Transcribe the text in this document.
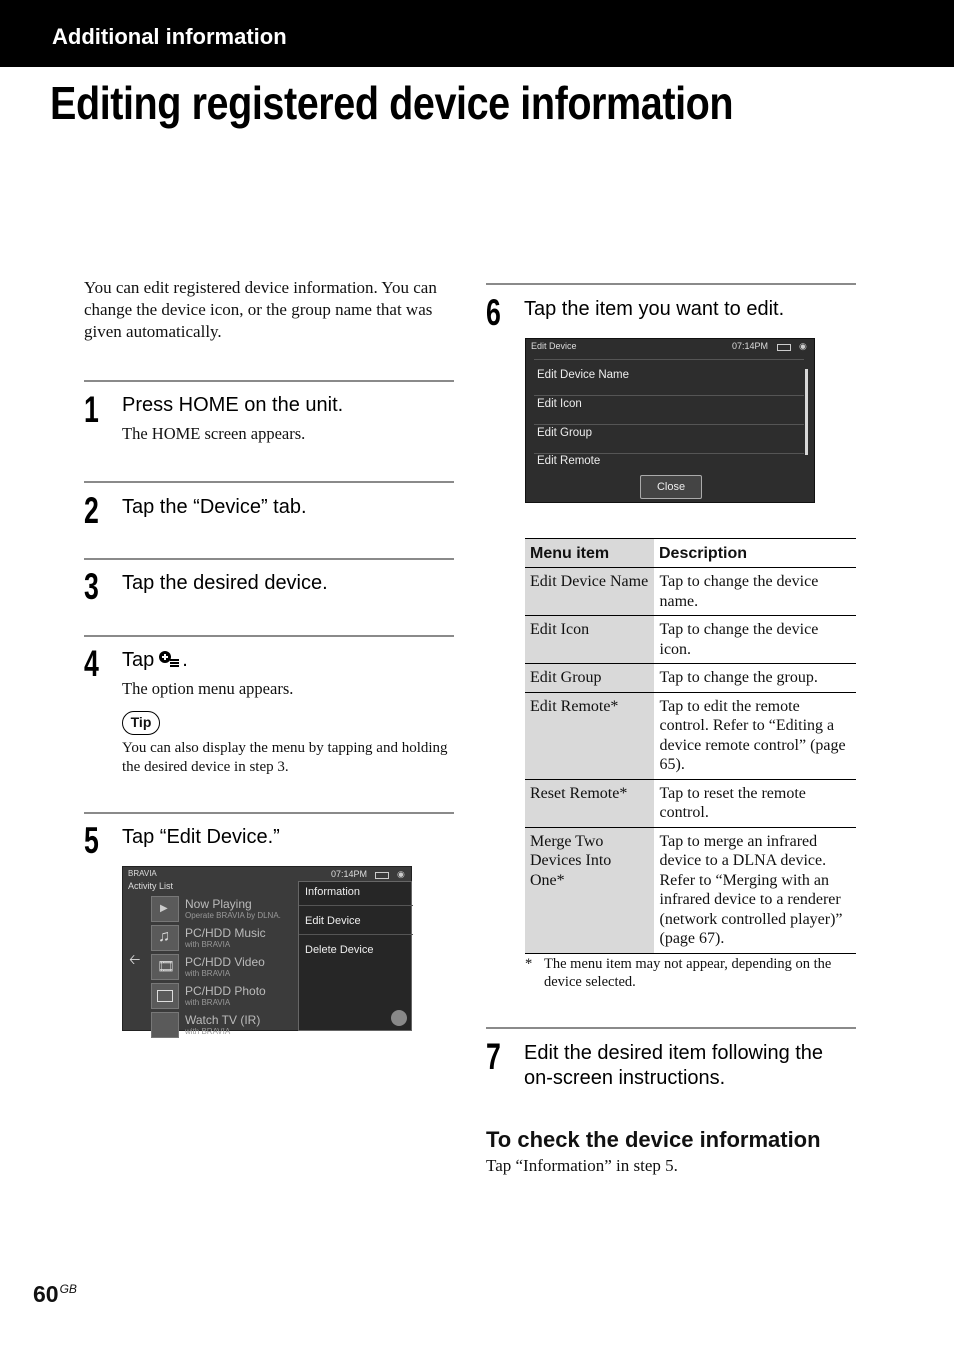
Additional information
Editing registered device information

You can edit registered device information. You can change the device icon, or the group name that was given automatically.

1 Press HOME on the unit.
The HOME screen appears.
2 Tap the “Device” tab.
3 Tap the desired device.
4 Tap .
The option menu appears.
Tip
You can also display the menu by tapping and holding the desired device in step 3.
5 Tap “Edit Device.”
BRAVIA
Activity List
07:14PM	◉
🡠
▶ Now Playing
Operate BRAVIA by DLNA.
♫ PC/HDD Music
with BRAVIA
🎞 PC/HDD Video
with BRAVIA
PC/HDD Photo
with BRAVIA
Watch TV (IR)
with BRAVIA
Information
Edit Device
Delete Device
6 Tap the item you want to edit.
Edit Device	07:14PM	◉
Edit Device Name
Edit Icon
Edit Group
Edit Remote
Close
Menu item	Description
Edit Device Name	Tap to change the device name.
Edit Icon	Tap to change the device icon.
Edit Group	Tap to change the group.
Edit Remote*	Tap to edit the remote control. Refer to “Editing a device remote control” (page 65).
Reset Remote*	Tap to reset the remote control.
Merge Two Devices Into One*	Tap to merge an infrared device to a DLNA device. Refer to “Merging with an infrared device to a renderer (network controlled player)” (page 67).
* The menu item may not appear, depending on the device selected.
7 Edit the desired item following the on-screen instructions.
To check the device information

Tap “Information” in step 5.

$60^{GB}$
